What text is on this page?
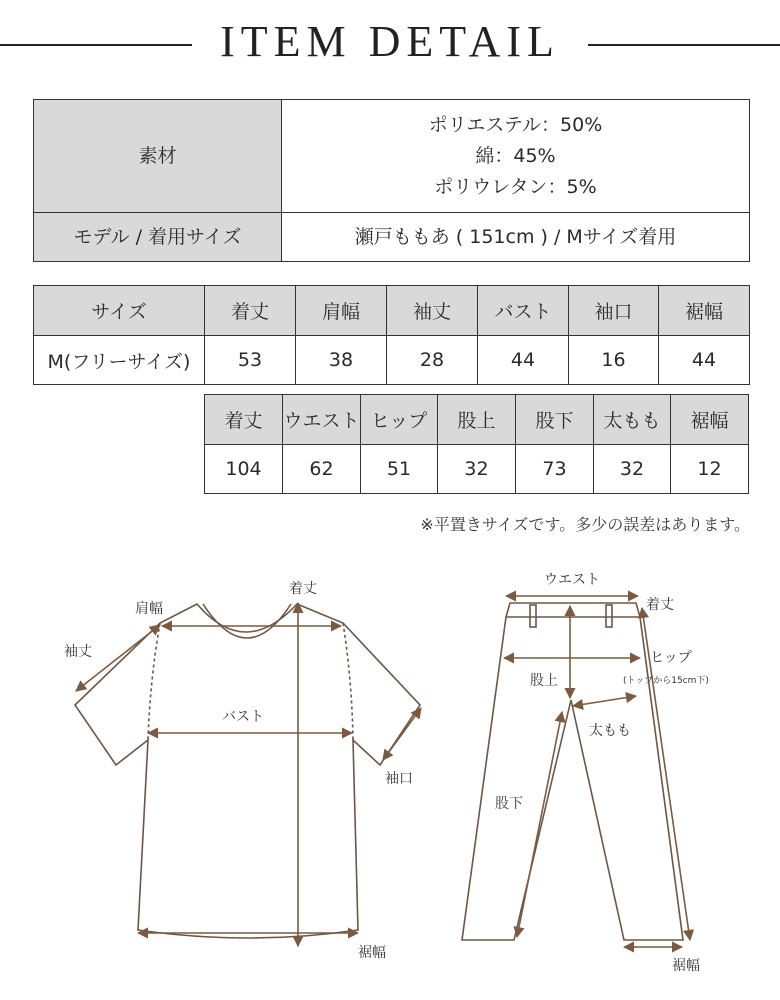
ITEM DETAIL
素材	ポリエステル：50%
綿：45%
ポリウレタン：5%

モデル / 着用サイズ	瀬戸ももあ ( 151cm ) / Mサイズ着用
サイズ	着丈	肩幅	袖丈	バスト	袖口	裾幅
M(フリーサイズ)	53	38	28	44	16	44
着丈	ウエスト	ヒップ	股上	股下	太もも	裾幅
104	62	51	32	73	32	12
※平置きサイズです。多少の誤差はあります。
着丈
肩幅
袖丈
バスト
袖口
裾幅
ウエスト
着丈
ヒップ
(トップから15cm下)
股上
太もも
股下
裾幅
